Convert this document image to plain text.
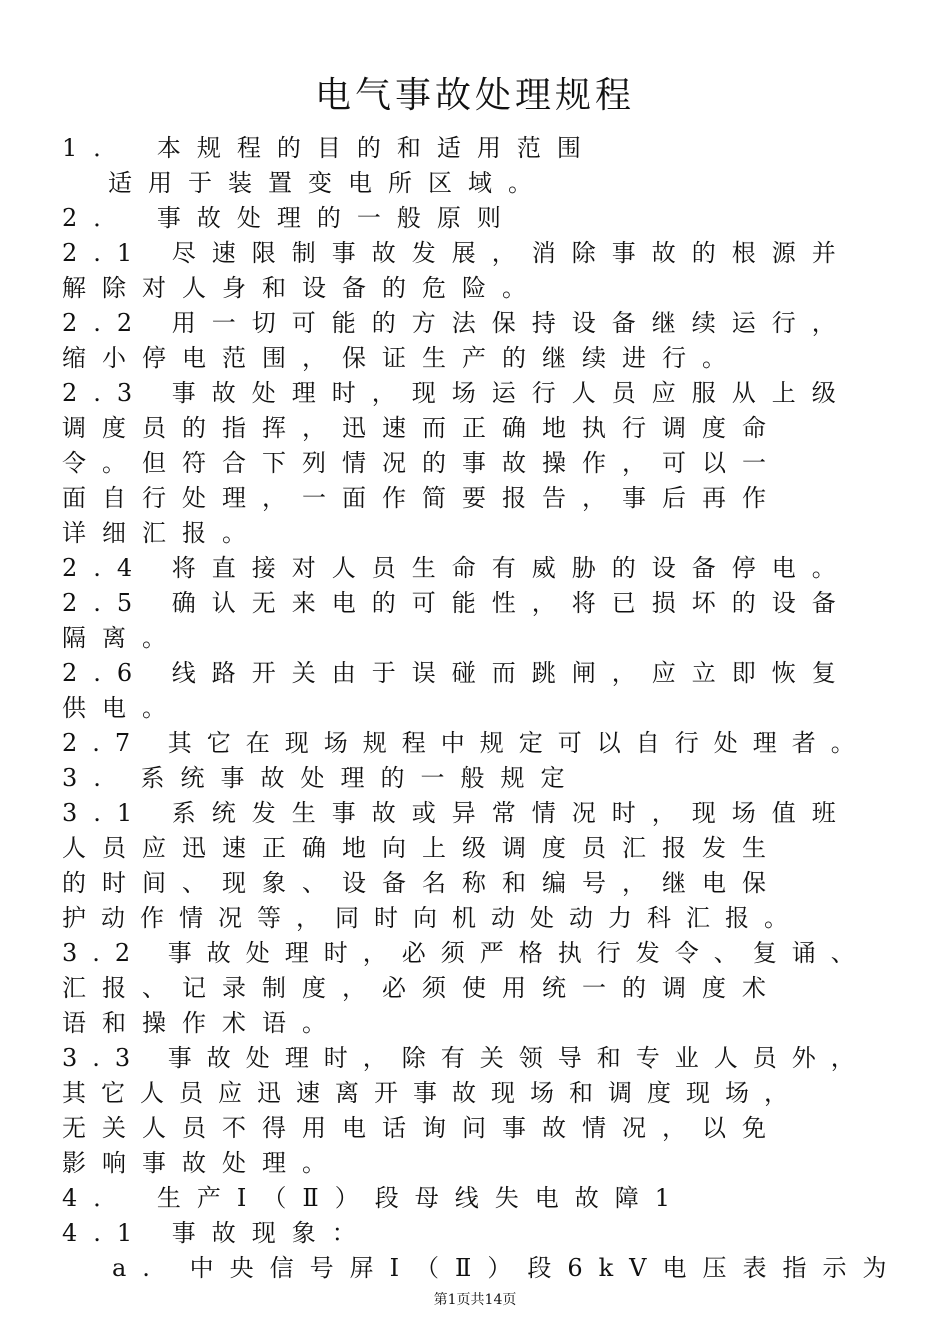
电气事故处理规程
1． 本规程的目的和适用范围
适用于装置变电所区域。
2． 事故处理的一般原则
2.1 尽速限制事故发展，消除事故的根源并
解除对人身和设备的危险。
2.2 用一切可能的方法保持设备继续运行，
缩小停电范围，保证生产的继续进行。
2.3 事故处理时，现场运行人员应服从上级
调度员的指挥，迅速而正确地执行调度命
令。但符合下列情况的事故操作，可以一
面自行处理，一面作简要报告，事后再作
详细汇报。
2.4 将直接对人员生命有威胁的设备停电。
2.5 确认无来电的可能性，将已损坏的设备
隔离。
2.6 线路开关由于误碰而跳闸，应立即恢复
供电。
2.7 其它在现场规程中规定可以自行处理者。
3. 系统事故处理的一般规定
3.1 系统发生事故或异常情况时，现场值班
人员应迅速正确地向上级调度员汇报发生
的时间、现象、设备名称和编号，继电保
护动作情况等，同时向机动处动力科汇报。
3.2 事故处理时，必须严格执行发令、复诵、
汇报、记录制度，必须使用统一的调度术
语和操作术语。
3.3 事故处理时，除有关领导和专业人员外，
其它人员应迅速离开事故现场和调度现场，
无关人员不得用电话询问事故情况，以免
影响事故处理。
4． 生产Ⅰ（Ⅱ）段母线失电故障1
4.1 事故现象：
a. 中央信号屏Ⅰ（Ⅱ）段6kV电压表指示为
第1页共14页
